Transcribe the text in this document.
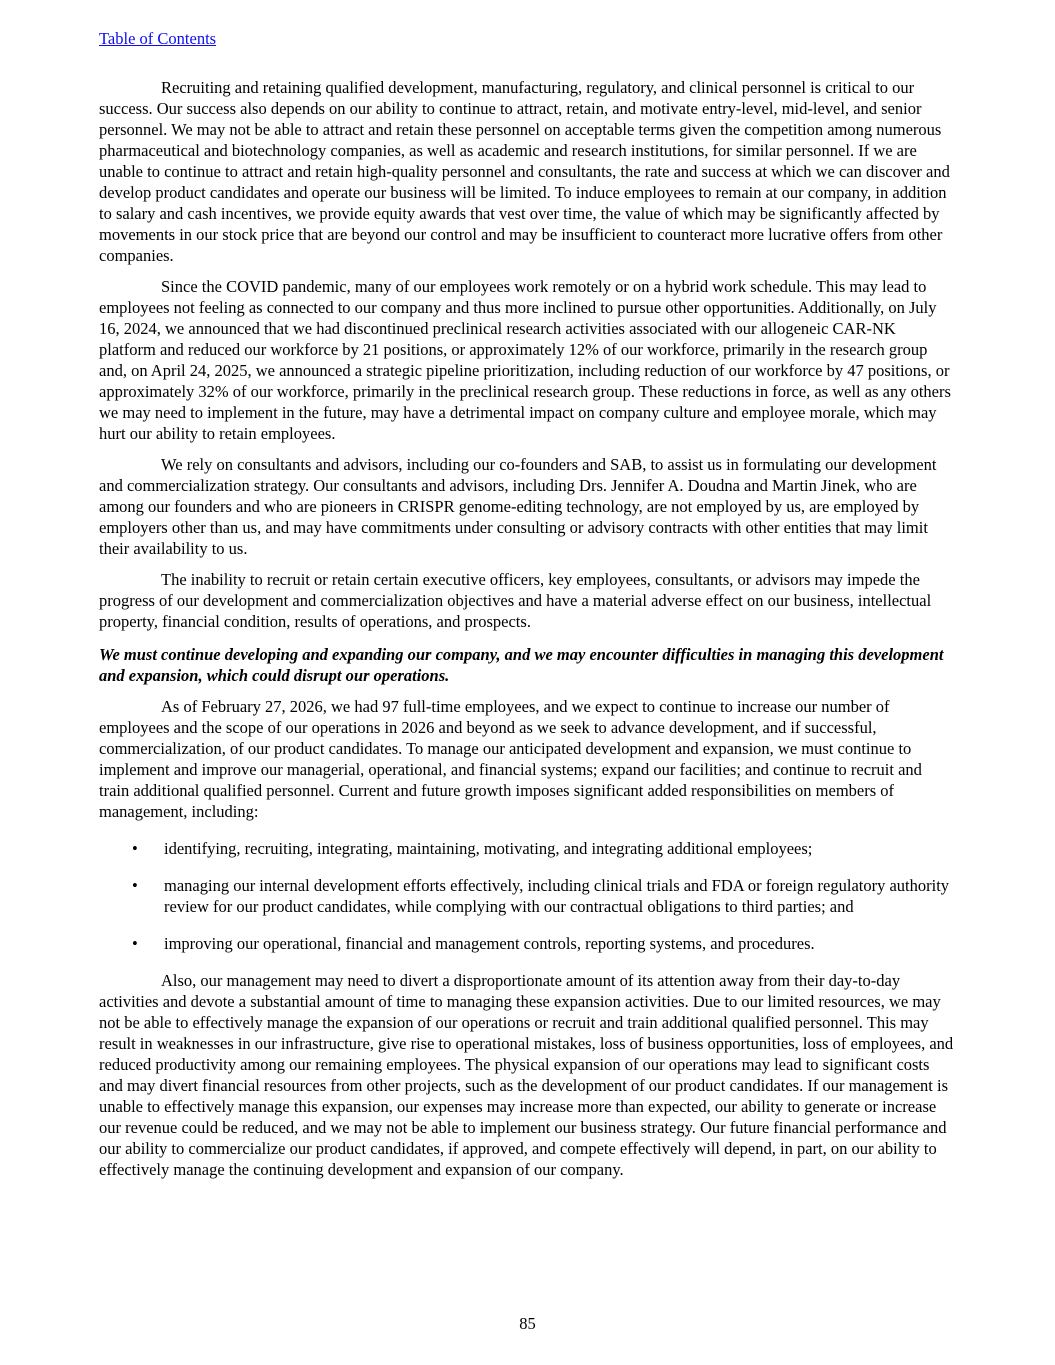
Table of Contents

Recruiting and retaining qualified development, manufacturing, regulatory, and clinical personnel is critical to our success. Our success also depends on our ability to continue to attract, retain, and motivate entry-level, mid-level, and senior personnel. We may not be able to attract and retain these personnel on acceptable terms given the competition among numerous pharmaceutical and biotechnology companies, as well as academic and research institutions, for similar personnel. If we are unable to continue to attract and retain high-quality personnel and consultants, the rate and success at which we can discover and develop product candidates and operate our business will be limited. To induce employees to remain at our company, in addition to salary and cash incentives, we provide equity awards that vest over time, the value of which may be significantly affected by movements in our stock price that are beyond our control and may be insufficient to counteract more lucrative offers from other companies.

Since the COVID pandemic, many of our employees work remotely or on a hybrid work schedule. This may lead to employees not feeling as connected to our company and thus more inclined to pursue other opportunities. Additionally, on July 16, 2024, we announced that we had discontinued preclinical research activities associated with our allogeneic CAR-NK platform and reduced our workforce by 21 positions, or approximately 12% of our workforce, primarily in the research group and, on April 24, 2025, we announced a strategic pipeline prioritization, including reduction of our workforce by 47 positions, or approximately 32% of our workforce, primarily in the preclinical research group. These reductions in force, as well as any others we may need to implement in the future, may have a detrimental impact on company culture and employee morale, which may hurt our ability to retain employees.

We rely on consultants and advisors, including our co-founders and SAB, to assist us in formulating our development and commercialization strategy. Our consultants and advisors, including Drs. Jennifer A. Doudna and Martin Jinek, who are among our founders and who are pioneers in CRISPR genome-editing technology, are not employed by us, are employed by employers other than us, and may have commitments under consulting or advisory contracts with other entities that may limit their availability to us.

The inability to recruit or retain certain executive officers, key employees, consultants, or advisors may impede the progress of our development and commercialization objectives and have a material adverse effect on our business, intellectual property, financial condition, results of operations, and prospects.

We must continue developing and expanding our company, and we may encounter difficulties in managing this development and expansion, which could disrupt our operations.

As of February 27, 2026, we had 97 full-time employees, and we expect to continue to increase our number of employees and the scope of our operations in 2026 and beyond as we seek to advance development, and if successful, commercialization, of our product candidates. To manage our anticipated development and expansion, we must continue to implement and improve our managerial, operational, and financial systems; expand our facilities; and continue to recruit and train additional qualified personnel. Current and future growth imposes significant added responsibilities on members of management, including:

•	identifying, recruiting, integrating, maintaining, motivating, and integrating additional employees;
•	managing our internal development efforts effectively, including clinical trials and FDA or foreign regulatory authority review for our product candidates, while complying with our contractual obligations to third parties; and
•	improving our operational, financial and management controls, reporting systems, and procedures.

Also, our management may need to divert a disproportionate amount of its attention away from their day-to-day activities and devote a substantial amount of time to managing these expansion activities. Due to our limited resources, we may not be able to effectively manage the expansion of our operations or recruit and train additional qualified personnel. This may result in weaknesses in our infrastructure, give rise to operational mistakes, loss of business opportunities, loss of employees, and reduced productivity among our remaining employees. The physical expansion of our operations may lead to significant costs and may divert financial resources from other projects, such as the development of our product candidates. If our management is unable to effectively manage this expansion, our expenses may increase more than expected, our ability to generate or increase our revenue could be reduced, and we may not be able to implement our business strategy. Our future financial performance and our ability to commercialize our product candidates, if approved, and compete effectively will depend, in part, on our ability to effectively manage the continuing development and expansion of our company.

85
